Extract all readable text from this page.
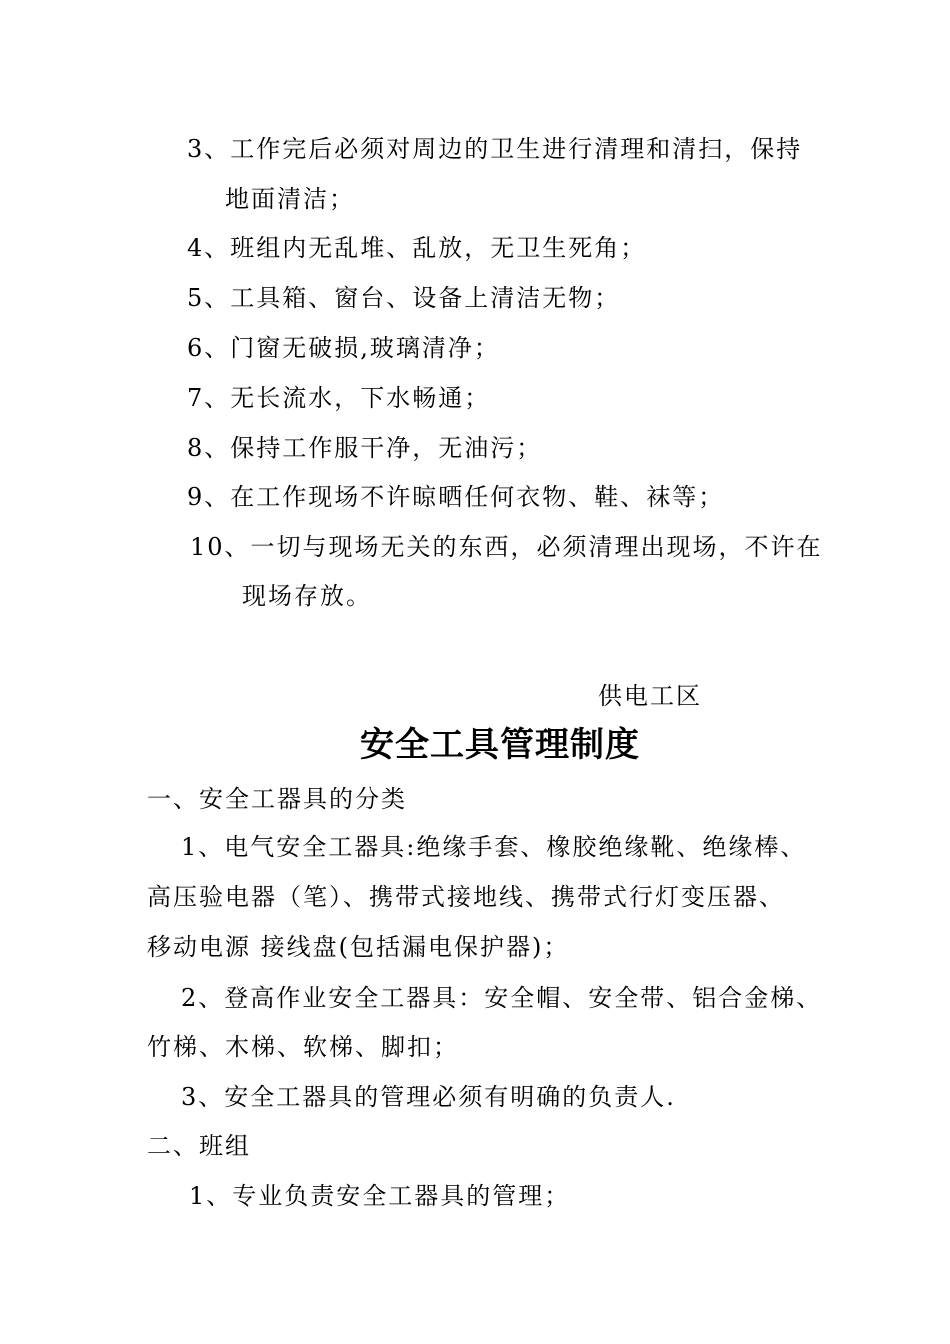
3、工作完后必须对周边的卫生进行清理和清扫，保持
地面清洁；
4、班组内无乱堆、乱放，无卫生死角；
5、工具箱、窗台、设备上清洁无物；
6、门窗无破损,玻璃清净；
7、无长流水，下水畅通；
8、保持工作服干净，无油污；
9、在工作现场不许晾晒任何衣物、鞋、袜等；
10、一切与现场无关的东西，必须清理出现场，不许在
现场存放。
供电工区
安全工具管理制度
一、安全工器具的分类
1、电气安全工器具:绝缘手套、橡胶绝缘靴、绝缘棒、
高压验电器（笔）、携带式接地线、携带式行灯变压器、
移动电源 接线盘(包括漏电保护器)；
2、登高作业安全工器具：安全帽、安全带、铝合金梯、
竹梯、木梯、软梯、脚扣；
3、安全工器具的管理必须有明确的负责人.
二、班组
1、专业负责安全工器具的管理；
